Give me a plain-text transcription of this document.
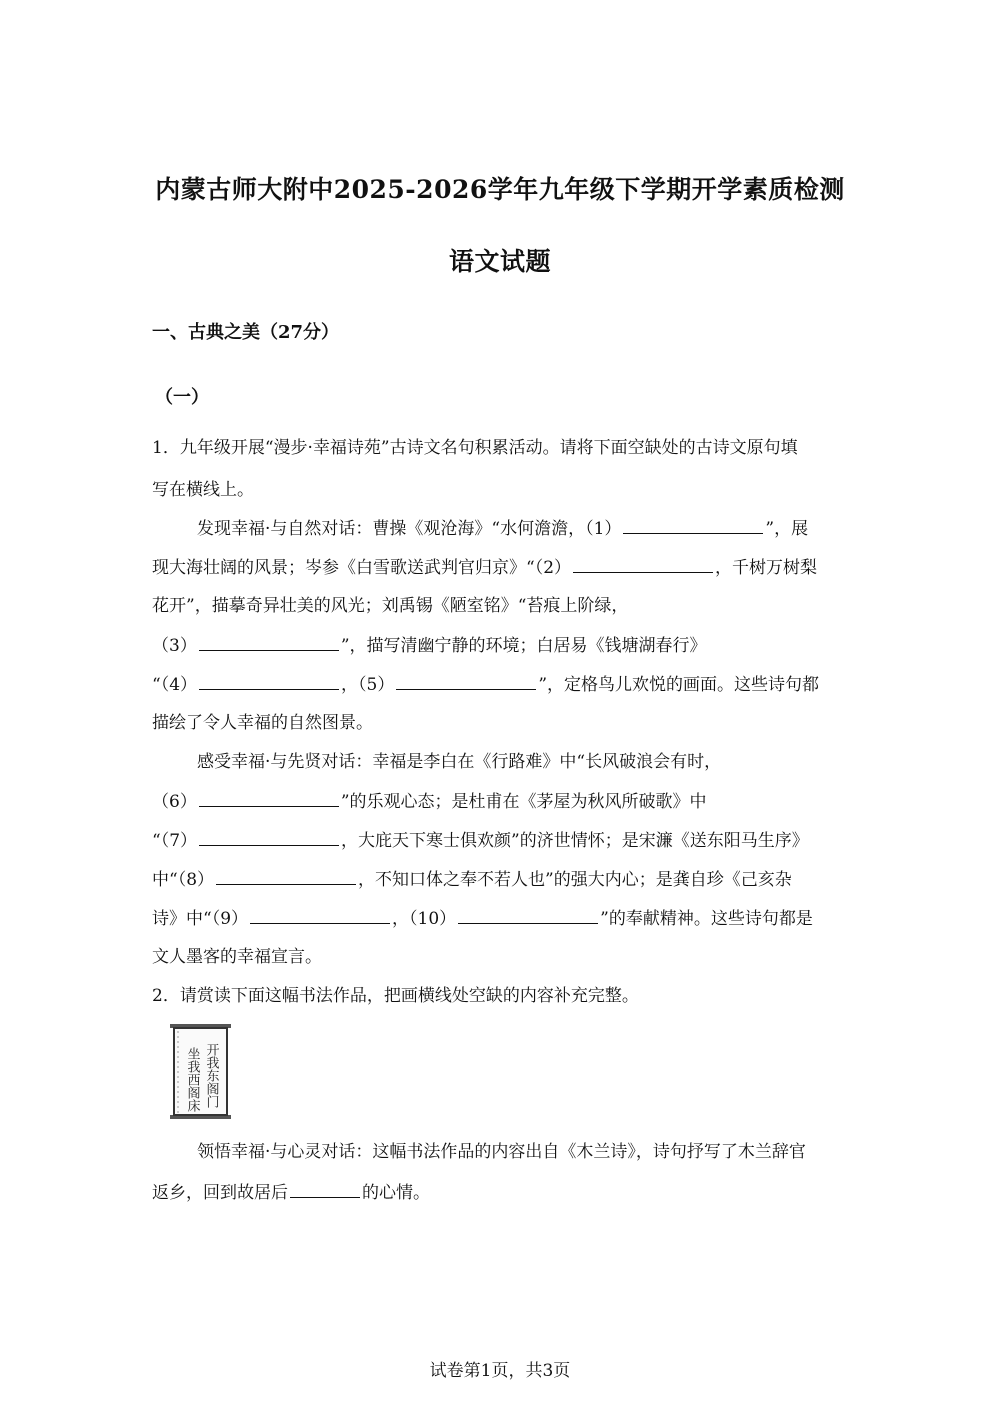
内蒙古师大附中2025-2026学年九年级下学期开学素质检测
语文试题
一、古典之美（27分）
（一）
1．九年级开展“漫步·幸福诗苑”古诗文名句积累活动。请将下面空缺处的古诗文原句填
写在横线上。
发现幸福·与自然对话：曹操《观沧海》“水何澹澹，（1）	”，展
现大海壮阔的风景；岑参《白雪歌送武判官归京》“（2）	，千树万树梨
花开”，描摹奇异壮美的风光；刘禹锡《陋室铭》“苔痕上阶绿，
（3）	”，描写清幽宁静的环境；白居易《钱塘湖春行》
“（4）	，（5）	”，定格鸟儿欢悦的画面。这些诗句都
描绘了令人幸福的自然图景。
感受幸福·与先贤对话：幸福是李白在《行路难》中“长风破浪会有时，
（6）	”的乐观心态；是杜甫在《茅屋为秋风所破歌》中
“（7）	，大庇天下寒士俱欢颜”的济世情怀；是宋濂《送东阳马生序》
中“（8）	，不知口体之奉不若人也”的强大内心；是龚自珍《己亥杂
诗》中“（9）	，（10）	”的奉献精神。这些诗句都是
文人墨客的幸福宣言。
2．请赏读下面这幅书法作品，把画横线处空缺的内容补充完整。
开我东阁门
坐我西阁床
领悟幸福·与心灵对话：这幅书法作品的内容出自《木兰诗》，诗句抒写了木兰辞官
返乡，回到故居后	的心情。
试卷第1页，共3页
